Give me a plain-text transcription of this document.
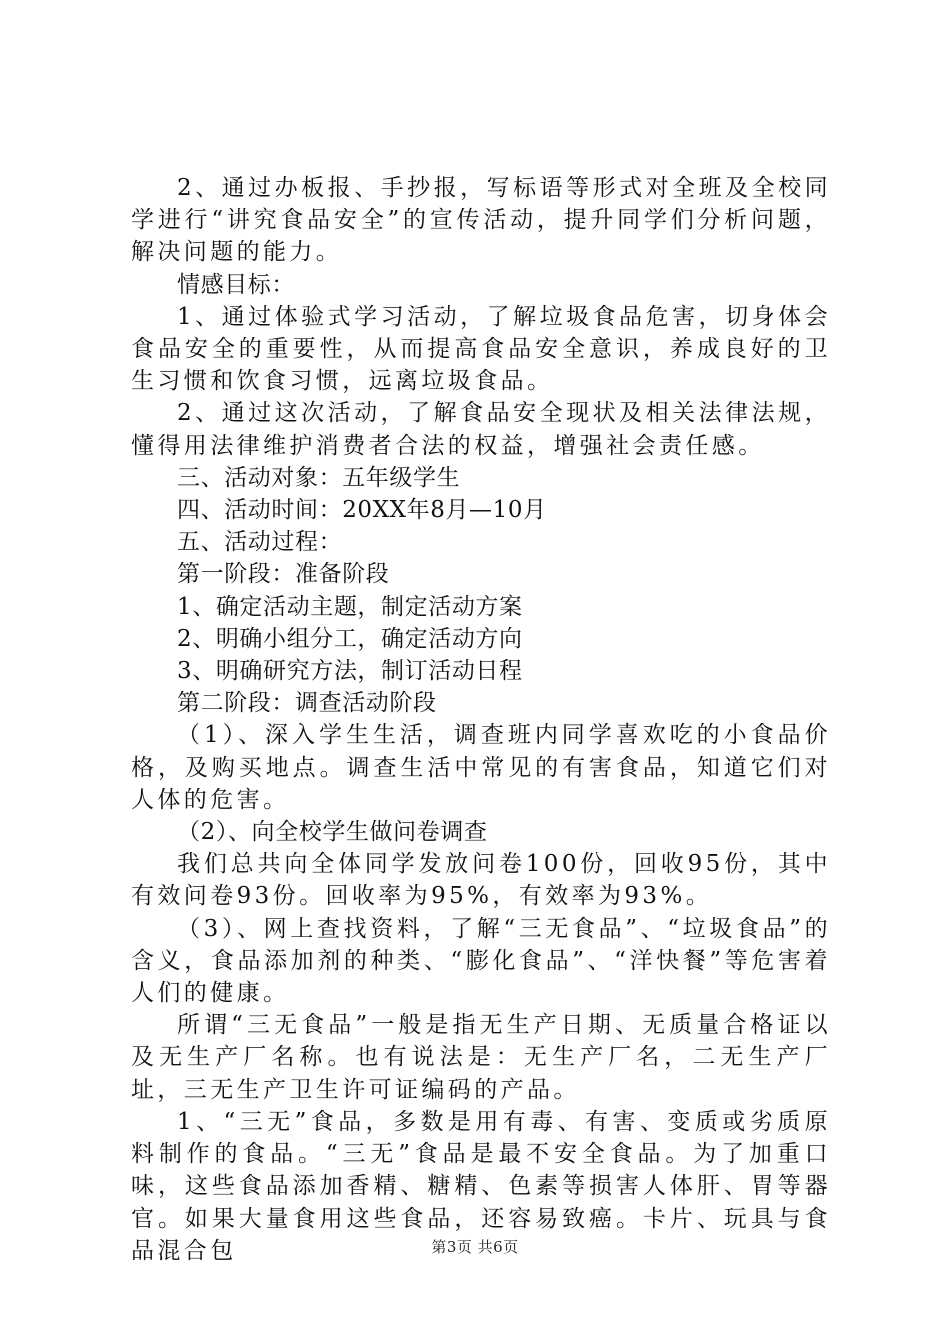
2、通过办板报、手抄报，写标语等形式对全班及全校同学进行“讲究食品安全”的宣传活动，提升同学们分析问题，解决问题的能力。

情感目标：

1、通过体验式学习活动，了解垃圾食品危害，切身体会食品安全的重要性，从而提高食品安全意识，养成良好的卫生习惯和饮食习惯，远离垃圾食品。

2、通过这次活动，了解食品安全现状及相关法律法规，懂得用法律维护消费者合法的权益，增强社会责任感。

三、活动对象：五年级学生

四、活动时间：20XX年8月—10月

五、活动过程：

第一阶段：准备阶段

1、确定活动主题，制定活动方案

2、明确小组分工，确定活动方向

3、明确研究方法，制订活动日程

第二阶段：调查活动阶段

（1）、深入学生生活，调查班内同学喜欢吃的小食品价格，及购买地点。调查生活中常见的有害食品，知道它们对人体的危害。

（2）、向全校学生做问卷调查

我们总共向全体同学发放问卷100份，回收95份，其中有效问卷93份。回收率为95%，有效率为93%。

（3）、网上查找资料，了解“三无食品”、“垃圾食品”的含义，食品添加剂的种类、“膨化食品”、“洋快餐”等危害着人们的健康。

所谓“三无食品”一般是指无生产日期、无质量合格证以及无生产厂名称。也有说法是：无生产厂名，二无生产厂址，三无生产卫生许可证编码的产品。

1、“三无”食品，多数是用有毒、有害、变质或劣质原料制作的食品。“三无”食品是最不安全食品。为了加重口味，这些食品添加香精、糖精、色素等损害人体肝、胃等器官。如果大量食用这些食品，还容易致癌。卡片、玩具与食品混合包	第3页 共6页
